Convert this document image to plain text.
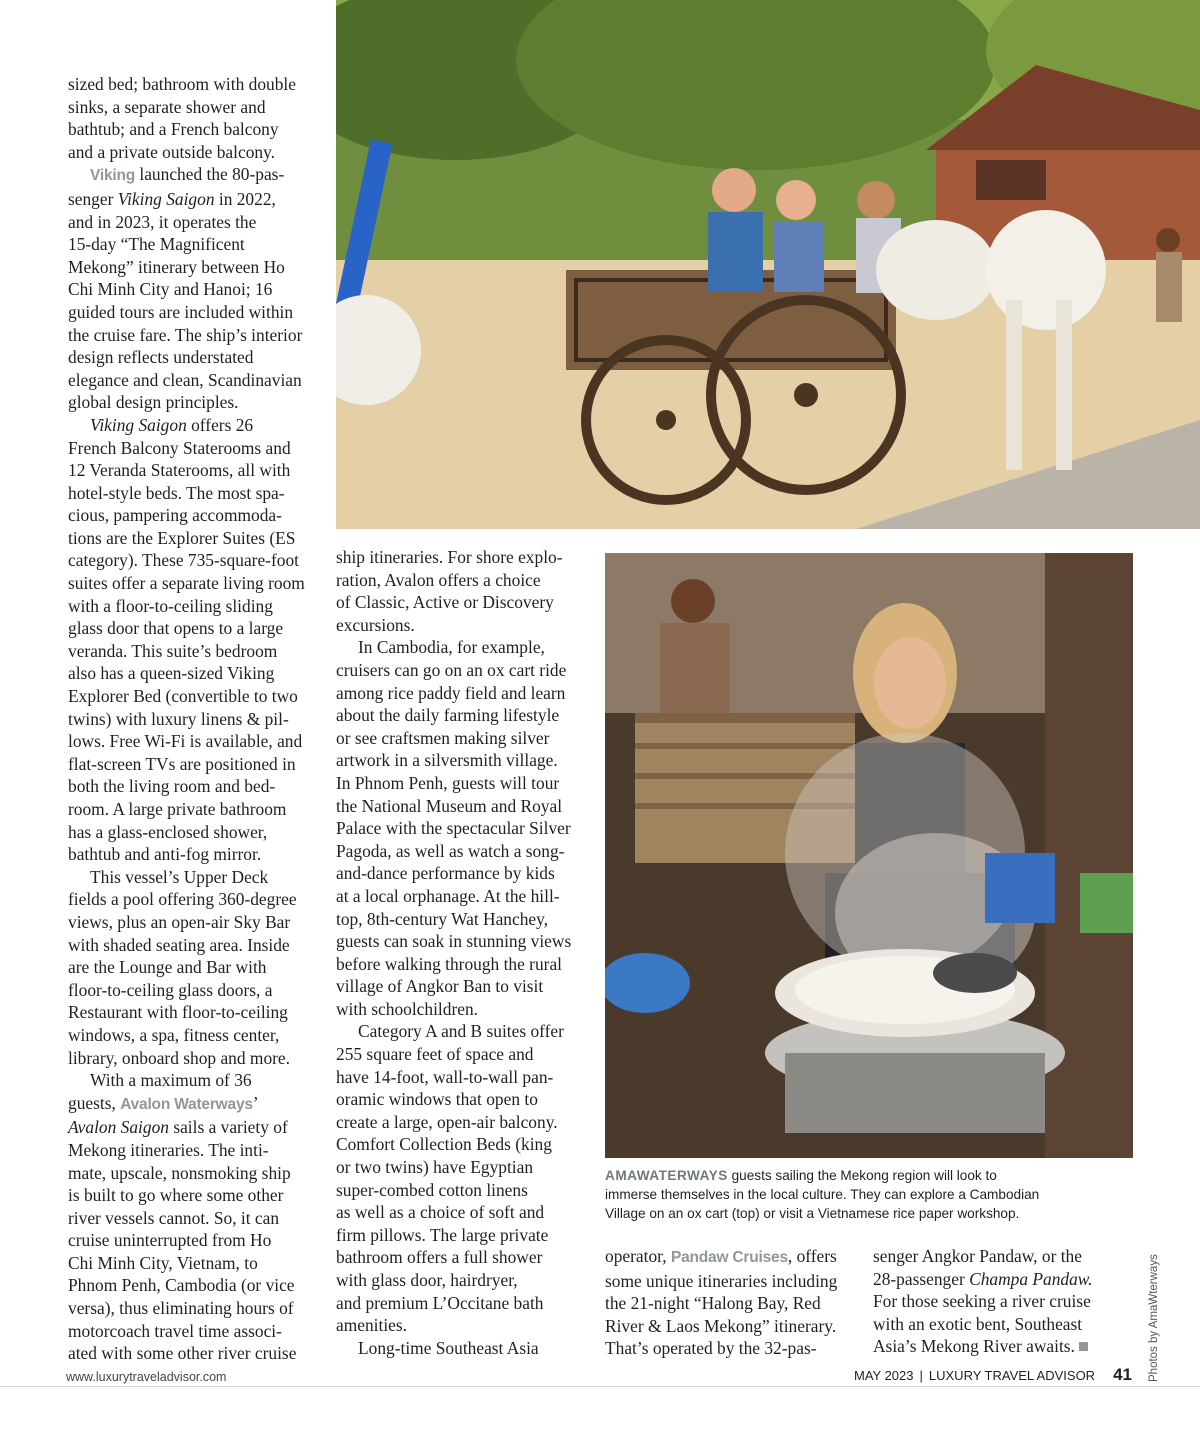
sized bed; bathroom with double
sinks, a separate shower and
bathtub; and a French balcony
and a private outside balcony.
Viking launched the 80-pas-
senger Viking Saigon in 2022,
and in 2023, it operates the
15-day “The Magnificent
Mekong” itinerary between Ho
Chi Minh City and Hanoi; 16
guided tours are included within
the cruise fare. The ship’s interior
design reflects understated
elegance and clean, Scandinavian
global design principles.
Viking Saigon offers 26
French Balcony Staterooms and
12 Veranda Staterooms, all with
hotel-style beds. The most spa-
cious, pampering accommoda-
tions are the Explorer Suites (ES
category). These 735-square-foot
suites offer a separate living room
with a floor-to-ceiling sliding
glass door that opens to a large
veranda. This suite’s bedroom
also has a queen-sized Viking
Explorer Bed (convertible to two
twins) with luxury linens & pil-
lows. Free Wi-Fi is available, and
flat-screen TVs are positioned in
both the living room and bed-
room. A large private bathroom
has a glass-enclosed shower,
bathtub and anti-fog mirror.
This vessel’s Upper Deck
fields a pool offering 360-degree
views, plus an open-air Sky Bar
with shaded seating area. Inside
are the Lounge and Bar with
floor-to-ceiling glass doors, a
Restaurant with floor-to-ceiling
windows, a spa, fitness center,
library, onboard shop and more.
With a maximum of 36
guests, Avalon Waterways’
Avalon Saigon sails a variety of
Mekong itineraries. The inti-
mate, upscale, nonsmoking ship
is built to go where some other
river vessels cannot. So, it can
cruise uninterrupted from Ho
Chi Minh City, Vietnam, to
Phnom Penh, Cambodia (or vice
versa), thus eliminating hours of
motorcoach travel time associ-
ated with some other river cruise
ship itineraries. For shore explo-
ration, Avalon offers a choice
of Classic, Active or Discovery
excursions.
In Cambodia, for example,
cruisers can go on an ox cart ride
among rice paddy field and learn
about the daily farming lifestyle
or see craftsmen making silver
artwork in a silversmith village.
In Phnom Penh, guests will tour
the National Museum and Royal
Palace with the spectacular Silver
Pagoda, as well as watch a song-
and-dance performance by kids
at a local orphanage. At the hill-
top, 8th-century Wat Hanchey,
guests can soak in stunning views
before walking through the rural
village of Angkor Ban to visit
with schoolchildren.
Category A and B suites offer
255 square feet of space and
have 14-foot, wall-to-wall pan-
oramic windows that open to
create a large, open-air balcony.
Comfort Collection Beds (king
or two twins) have Egyptian
super-combed cotton linens
as well as a choice of soft and
firm pillows. The large private
bathroom offers a full shower
with glass door, hairdryer,
and premium L’Occitane bath
amenities.
Long-time Southeast Asia
AMAWATERWAYS guests sailing the Mekong region will look to
immerse themselves in the local culture. They can explore a Cambodian
Village on an ox cart (top) or visit a Vietnamese rice paper workshop.
operator, Pandaw Cruises, offers
some unique itineraries including
the 21-night “Halong Bay, Red
River & Laos Mekong” itinerary.
That’s operated by the 32-pas-
senger Angkor Pandaw, or the
28-passenger Champa Pandaw.
For those seeking a river cruise
with an exotic bent, Southeast
Asia’s Mekong River awaits.	Photos by AmaWterways
www.luxurytraveladvisor.com	MAY 2023 | LUXURY TRAVEL ADVISOR 41
